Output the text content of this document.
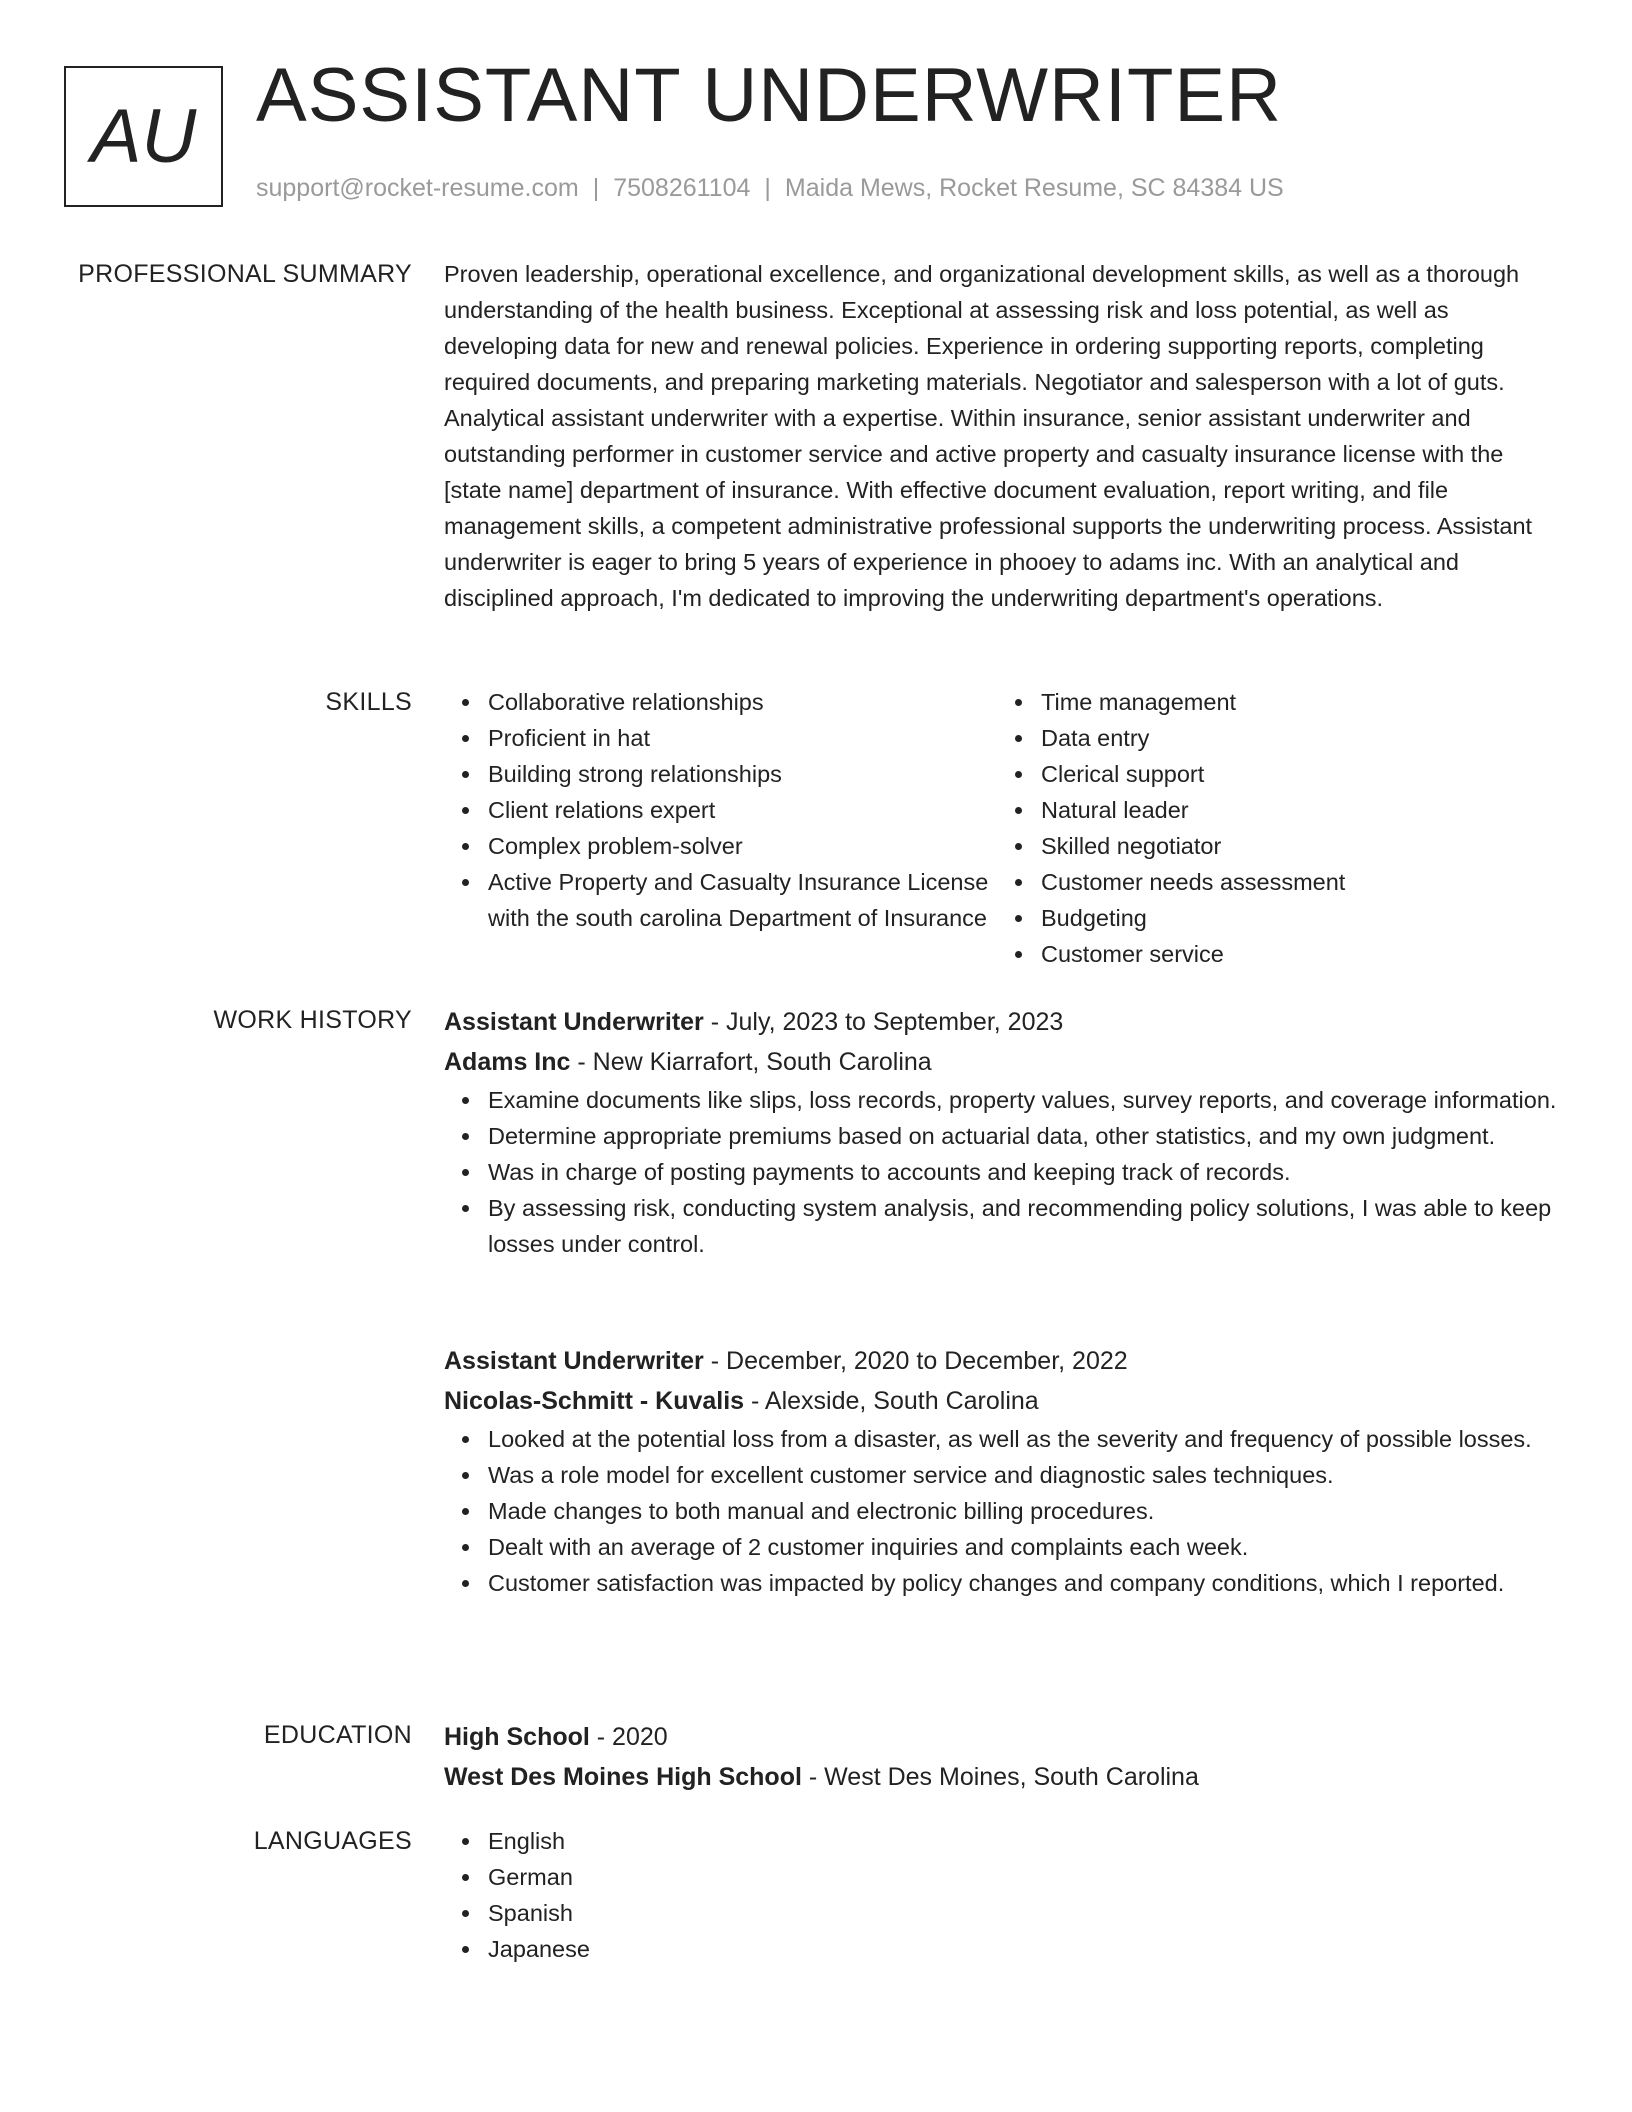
AU ASSISTANT UNDERWRITER
support@rocket-resume.com | 7508261104 | Maida Mews, Rocket Resume, SC 84384 US
PROFESSIONAL SUMMARY Proven leadership, operational excellence, and organizational development skills, as well as a thorough understanding of the health business. Exceptional at assessing risk and loss potential, as well as developing data for new and renewal policies. Experience in ordering supporting reports, completing required documents, and preparing marketing materials. Negotiator and salesperson with a lot of guts. Analytical assistant underwriter with a expertise. Within insurance, senior assistant underwriter and outstanding performer in customer service and active property and casualty insurance license with the [state name] department of insurance. With effective document evaluation, report writing, and file management skills, a competent administrative professional supports the underwriting process. Assistant underwriter is eager to bring 5 years of experience in phooey to adams inc. With an analytical and disciplined approach, I'm dedicated to improving the underwriting department's operations.

SKILLS	Collaborative relationships
Proficient in hat
Building strong relationships
Client relations expert
Complex problem-solver
Active Property and Casualty Insurance License with the south carolina Department of Insurance
Time management
Data entry
Clerical support
Natural leader
Skilled negotiator
Customer needs assessment
Budgeting
Customer service
WORK HISTORY Assistant Underwriter - July, 2023 to September, 2023
Adams Inc - New Kiarrafort, South Carolina
Examine documents like slips, loss records, property values, survey reports, and coverage information.
Determine appropriate premiums based on actuarial data, other statistics, and my own judgment.
Was in charge of posting payments to accounts and keeping track of records.
By assessing risk, conducting system analysis, and recommending policy solutions, I was able to keep losses under control.
Assistant Underwriter - December, 2020 to December, 2022
Nicolas-Schmitt - Kuvalis - Alexside, South Carolina
Looked at the potential loss from a disaster, as well as the severity and frequency of possible losses.
Was a role model for excellent customer service and diagnostic sales techniques.
Made changes to both manual and electronic billing procedures.
Dealt with an average of 2 customer inquiries and complaints each week.
Customer satisfaction was impacted by policy changes and company conditions, which I reported.
EDUCATION High School - 2020
West Des Moines High School - West Des Moines, South Carolina
LANGUAGES	English
German
Spanish
Japanese
